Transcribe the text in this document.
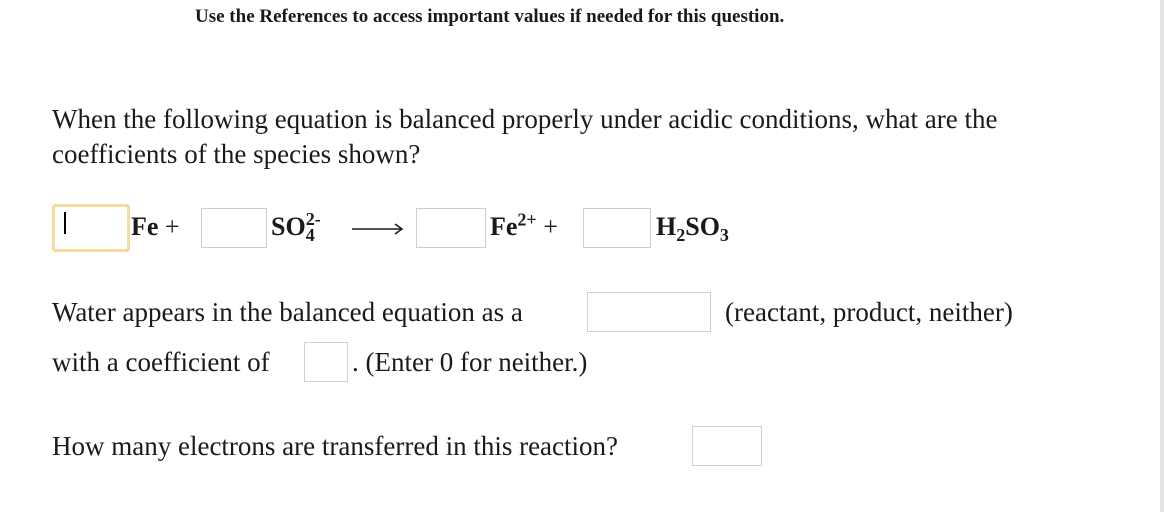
Use the References to access important values if needed for this question.
When the following equation is balanced properly under acidic conditions, what are the coefficients of the species shown?
Fe +	$SO_4^{2-}$	$Fe^{2+}$ +	$H_2SO_3$
Water appears in the balanced equation as a	(reactant, product, neither)
with a coefficient of	. (Enter 0 for neither.)
How many electrons are transferred in this reaction?
